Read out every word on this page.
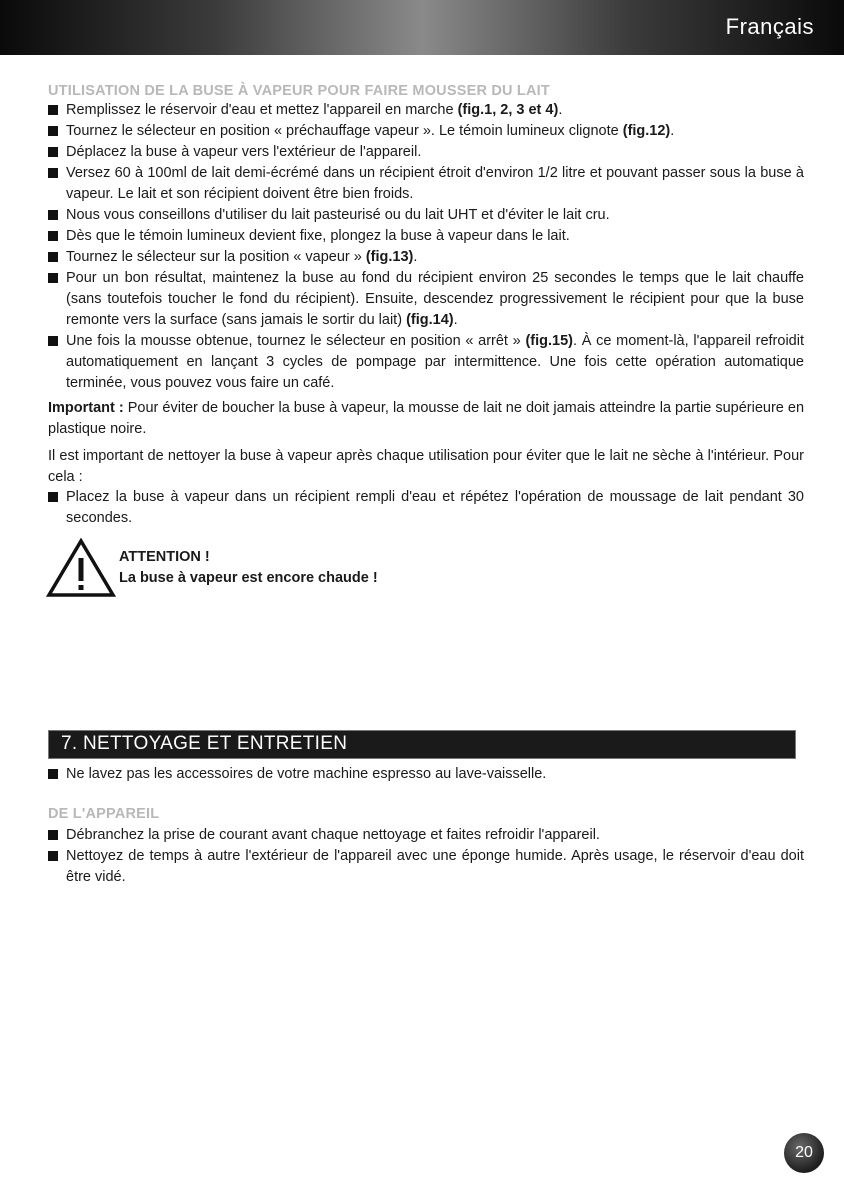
Français
UTILISATION DE LA BUSE À VAPEUR POUR FAIRE MOUSSER DU LAIT
Remplissez le réservoir d'eau et mettez l'appareil en marche (fig.1, 2, 3 et 4).
Tournez le sélecteur en position « préchauffage vapeur ». Le témoin lumineux clignote (fig.12).
Déplacez la buse à vapeur vers l'extérieur de l'appareil.
Versez 60 à 100ml de lait demi-écrémé dans un récipient étroit d'environ 1/2 litre et pouvant passer sous la buse à vapeur. Le lait et son récipient doivent être bien froids.
Nous vous conseillons d'utiliser du lait pasteurisé ou du lait UHT et d'éviter le lait cru.
Dès que le témoin lumineux devient fixe, plongez la buse à vapeur dans le lait.
Tournez le sélecteur sur la position « vapeur » (fig.13).
Pour un bon résultat, maintenez la buse au fond du récipient environ 25 secondes le temps que le lait chauffe (sans toutefois toucher le fond du récipient). Ensuite, descendez progressivement le récipient pour que la buse remonte vers la surface (sans jamais le sortir du lait) (fig.14).
Une fois la mousse obtenue, tournez le sélecteur en position « arrêt » (fig.15). À ce moment-là, l'appareil refroidit automatiquement en lançant 3 cycles de pompage par intermittence. Une fois cette opération automatique terminée, vous pouvez vous faire un café.

Important : Pour éviter de boucher la buse à vapeur, la mousse de lait ne doit jamais atteindre la partie supérieure en plastique noire.

Il est important de nettoyer la buse à vapeur après chaque utilisation pour éviter que le lait ne sèche à l'intérieur. Pour cela :

Placez la buse à vapeur dans un récipient rempli d'eau et répétez l'opération de moussage de lait pendant 30 secondes.
ATTENTION !
La buse à vapeur est encore chaude !
7. NETTOYAGE ET ENTRETIEN
Ne lavez pas les accessoires de votre machine espresso au lave-vaisselle.
DE L'APPAREIL
Débranchez la prise de courant avant chaque nettoyage et faites refroidir l'appareil.
Nettoyez de temps à autre l'extérieur de l'appareil avec une éponge humide. Après usage, le réservoir d'eau doit être vidé.
20
